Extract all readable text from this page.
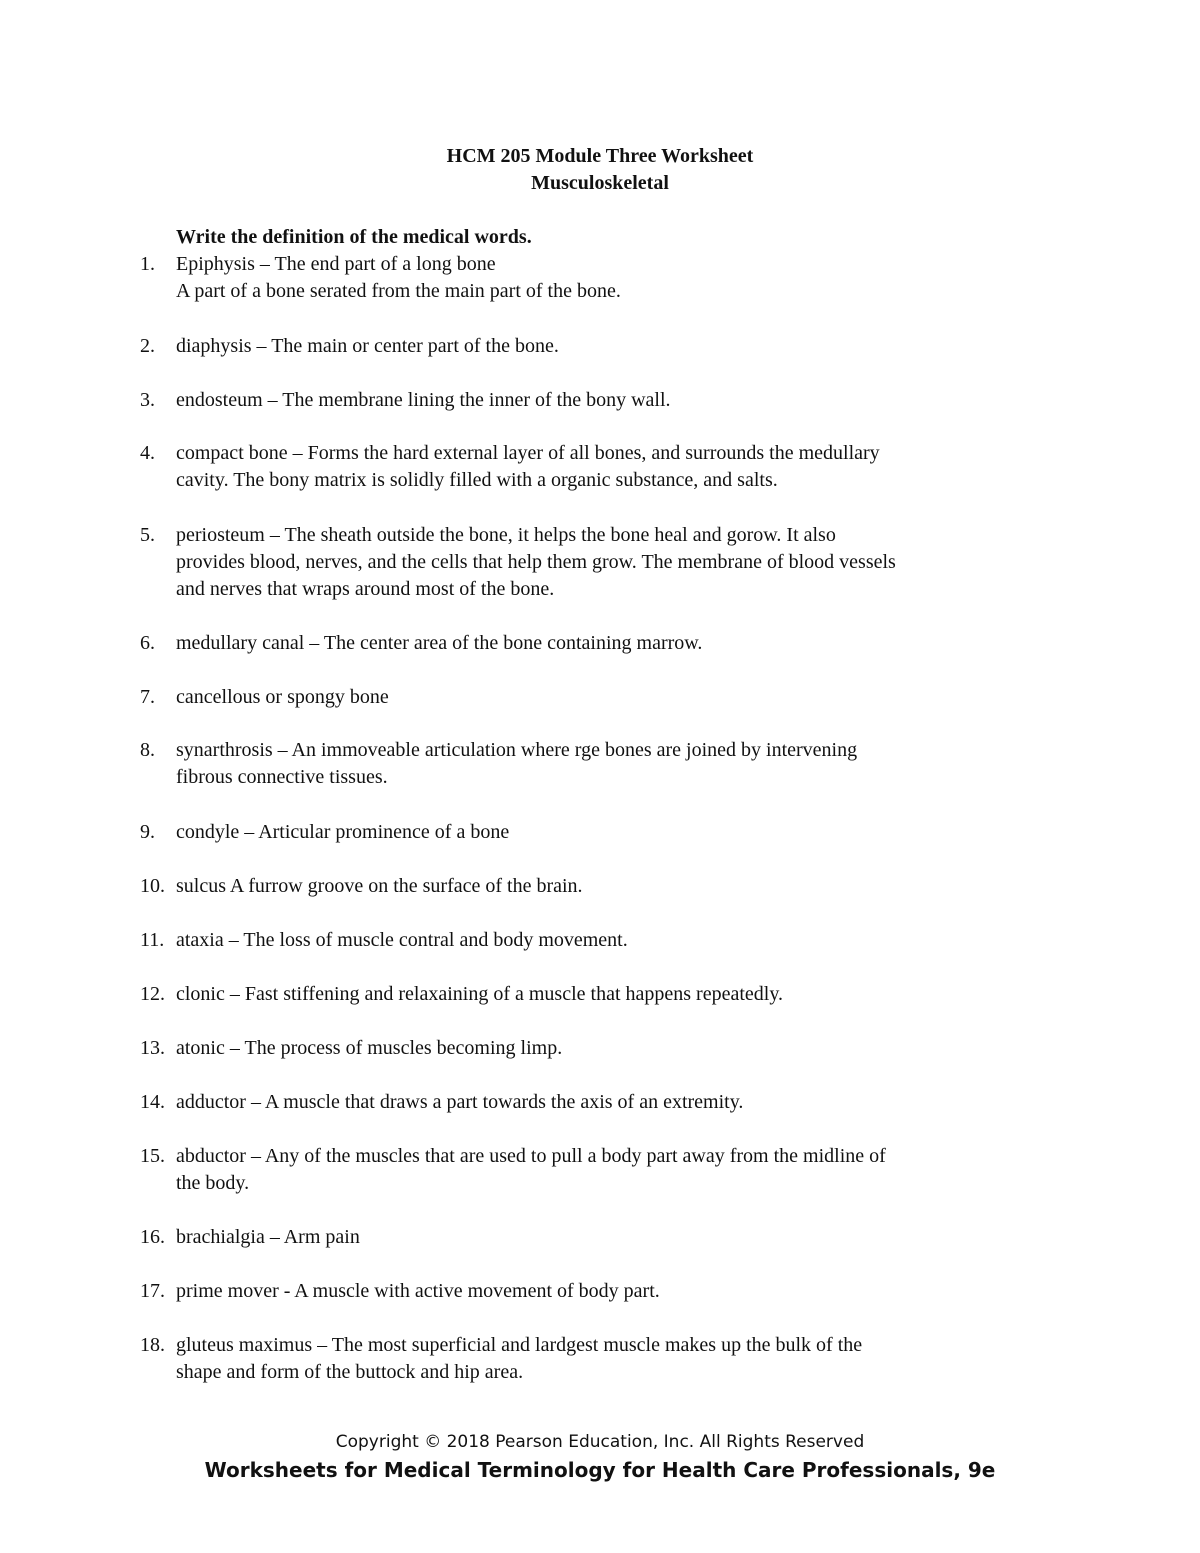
HCM 205 Module Three Worksheet
Musculoskeletal
Write the definition of the medical words.
1.	Epiphysis – The end part of a long bone
A part of a bone serated from the main part of the bone.
2.	diaphysis – The main or center part of the bone.
3.	endosteum – The membrane lining the inner of the bony wall.
4.	compact bone – Forms the hard external layer of all bones, and surrounds the medullary
cavity. The bony matrix is solidly filled with a organic substance, and salts.
5.	periosteum – The sheath outside the bone, it helps the bone heal and gorow. It also
provides blood, nerves, and the cells that help them grow. The membrane of blood vessels
and nerves that wraps around most of the bone.
6.	medullary canal – The center area of the bone containing marrow.
7.	cancellous or spongy bone
8.	synarthrosis – An immoveable articulation where rge bones are joined by intervening
fibrous connective tissues.
9.	condyle – Articular prominence of a bone
10. sulcus A furrow groove on the surface of the brain.
11. ataxia – The loss of muscle contral and body movement.
12. clonic – Fast stiffening and relaxaining of a muscle that happens repeatedly.
13. atonic – The process of muscles becoming limp.
14. adductor – A muscle that draws a part towards the axis of an extremity.
15. abductor – Any of the muscles that are used to pull a body part away from the midline of
the body.
16. brachialgia – Arm pain
17. prime mover - A muscle with active movement of body part.
18. gluteus maximus – The most superficial and lardgest muscle makes up the bulk of the
shape and form of the buttock and hip area.
Copyright © 2018 Pearson Education, Inc. All Rights Reserved
Worksheets for Medical Terminology for Health Care Professionals, 9e
